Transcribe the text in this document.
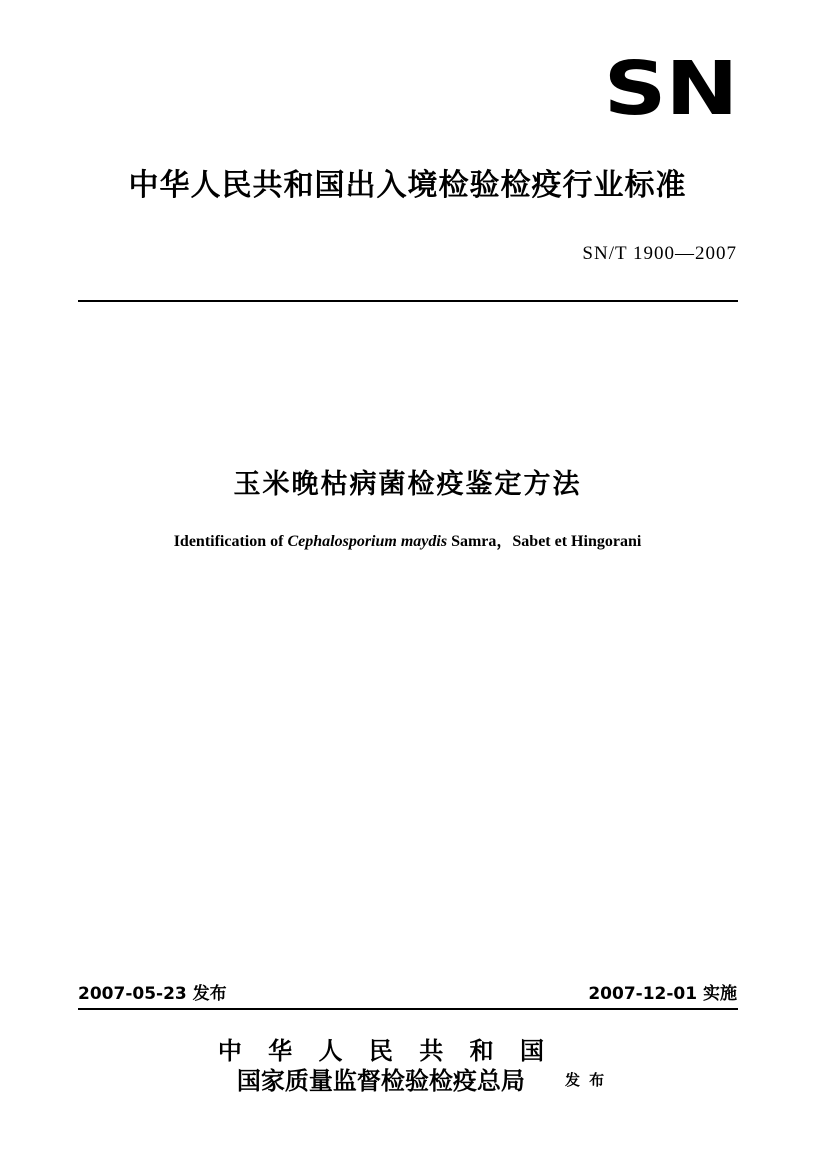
SN
中华人民共和国出入境检验检疫行业标准
SN/T 1900—2007
玉米晚枯病菌检疫鉴定方法
Identification of Cephalosporium maydis Samra，Sabet et Hingorani
2007-05-23 发布	2007-12-01 实施
中 华 人 民 共 和 国
国家质量监督检验检疫总局	发 布
